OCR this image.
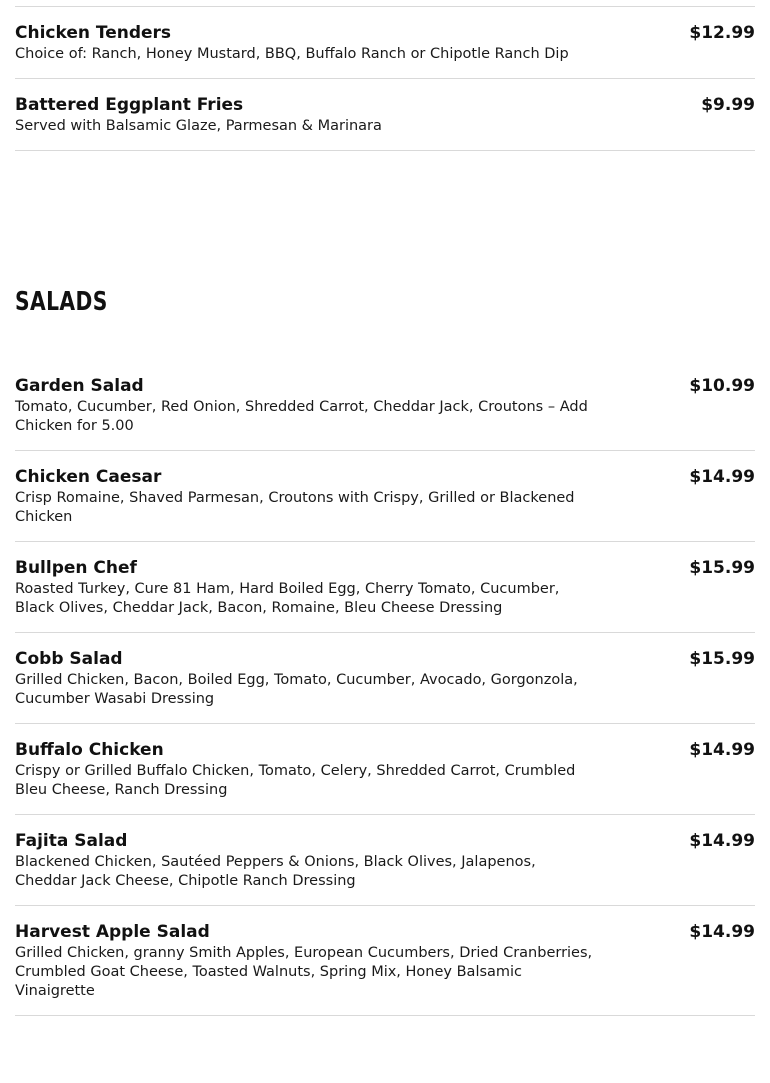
Chicken Tenders	$12.99
Choice of: Ranch, Honey Mustard, BBQ, Buffalo Ranch or Chipotle Ranch Dip
Battered Eggplant Fries	$9.99
Served with Balsamic Glaze, Parmesan & Marinara
SALADS
Garden Salad	$10.99
Tomato, Cucumber, Red Onion, Shredded Carrot, Cheddar Jack, Croutons – Add Chicken for 5.00
Chicken Caesar	$14.99
Crisp Romaine, Shaved Parmesan, Croutons with Crispy, Grilled or Blackened Chicken
Bullpen Chef	$15.99
Roasted Turkey, Cure 81 Ham, Hard Boiled Egg, Cherry Tomato, Cucumber, Black Olives, Cheddar Jack, Bacon, Romaine, Bleu Cheese Dressing
Cobb Salad	$15.99
Grilled Chicken, Bacon, Boiled Egg, Tomato, Cucumber, Avocado, Gorgonzola, Cucumber Wasabi Dressing
Buffalo Chicken	$14.99
Crispy or Grilled Buffalo Chicken, Tomato, Celery, Shredded Carrot, Crumbled Bleu Cheese, Ranch Dressing
Fajita Salad	$14.99
Blackened Chicken, Sautéed Peppers & Onions, Black Olives, Jalapenos, Cheddar Jack Cheese, Chipotle Ranch Dressing
Harvest Apple Salad	$14.99
Grilled Chicken, granny Smith Apples, European Cucumbers, Dried Cranberries, Crumbled Goat Cheese, Toasted Walnuts, Spring Mix, Honey Balsamic Vinaigrette
